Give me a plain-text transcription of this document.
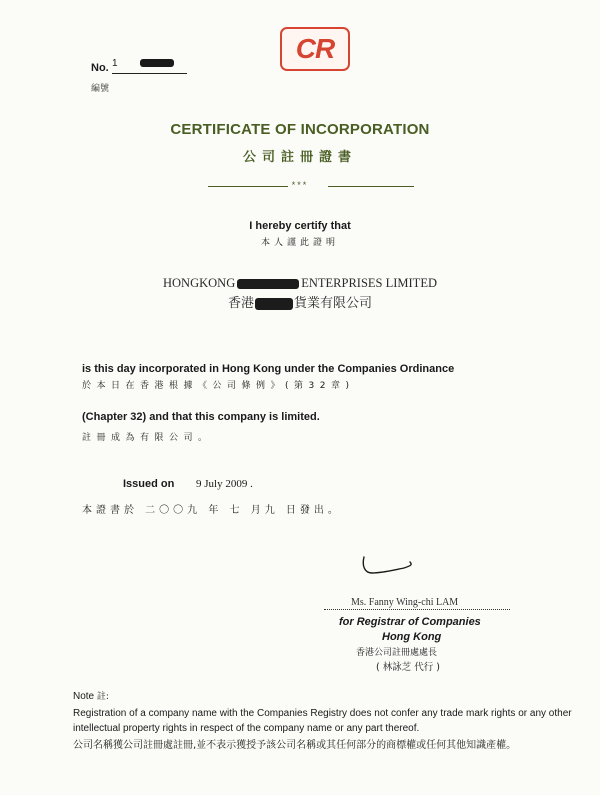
CR
No. 1
編號
CERTIFICATE OF INCORPORATION
公司註冊證書
***
I hereby certify that
本人謹此證明
HONGKONG	ENTERPRISES LIMITED
香港	貨業有限公司
is this day incorporated in Hong Kong under the Companies Ordinance
於本日在香港根據《公司條例》(第32章)
(Chapter 32) and that this company is limited.
註冊成為有限公司。
Issued on 9 July 2009 .
本證書於 二〇〇九 年 七 月九 日發出。
Ms. Fanny Wing-chi LAM
for Registrar of Companies
Hong Kong
香港公司註冊處處長
( 林詠芝 代行 )
Note 註:
Registration of a company name with the Companies Registry does not confer any trade mark rights or any other intellectual property rights in respect of the company name or any part thereof.
公司名稱獲公司註冊處註冊,並不表示獲授予該公司名稱或其任何部分的商標權或任何其他知識產權。
